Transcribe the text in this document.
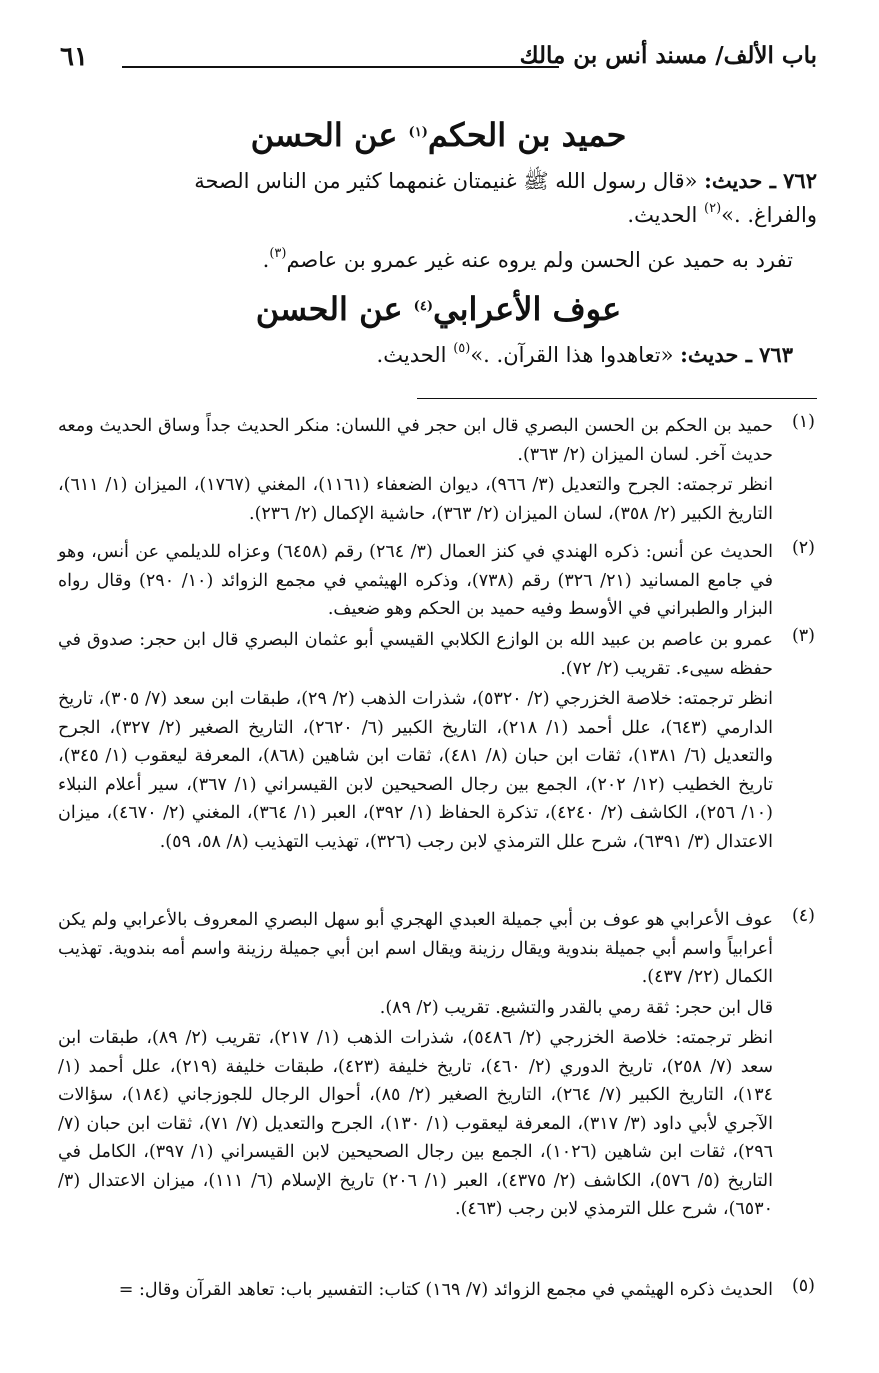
باب الألف/ مسند أنس بن مالك
٦١
حميد بن الحكم$^{(١)}$ عن الحسن
٧٦٢ ـ حديث: «قال رسول الله ﷺ غنيمتان غنمهما كثير من الناس الصحة
والفراغ. .»$^{(٢)}$ الحديث.
تفرد به حميد عن الحسن ولم يروه عنه غير عمرو بن عاصم$^{(٣)}$.
عوف الأعرابي$^{(٤)}$ عن الحسن
٧٦٣ ـ حديث: «تعاهدوا هذا القرآن. .»$^{(٥)}$ الحديث.
(١)

حميد بن الحكم بن الحسن البصري قال ابن حجر في اللسان: منكر الحديث جداً وساق الحديث ومعه حديث آخر. لسان الميزان (٢/ ٣٦٣).

انظر ترجمته: الجرح والتعديل (٣/ ٩٦٦)، ديوان الضعفاء (١١٦١)، المغني (١٧٦٧)، الميزان (١/ ٦١١)، التاريخ الكبير (٢/ ٣٥٨)، لسان الميزان (٢/ ٣٦٣)، حاشية الإكمال (٢/ ٢٣٦).

(٢)

الحديث عن أنس: ذكره الهندي في كنز العمال (٣/ ٢٦٤) رقم (٦٤٥٨) وعزاه للديلمي عن أنس، وهو في جامع المسانيد (٢١/ ٣٢٦) رقم (٧٣٨)، وذكره الهيثمي في مجمع الزوائد (١٠/ ٢٩٠) وقال رواه البزار والطبراني في الأوسط وفيه حميد بن الحكم وهو ضعيف.

(٣)

عمرو بن عاصم بن عبيد الله بن الوازع الكلابي القيسي أبو عثمان البصري قال ابن حجر: صدوق في حفظه سيىء. تقريب (٢/ ٧٢).

انظر ترجمته: خلاصة الخزرجي (٢/ ٥٣٢٠)، شذرات الذهب (٢/ ٢٩)، طبقات ابن سعد (٧/ ٣٠٥)، تاريخ الدارمي (٦٤٣)، علل أحمد (١/ ٢١٨)، التاريخ الكبير (٦/ ٢٦٢٠)، التاريخ الصغير (٢/ ٣٢٧)، الجرح والتعديل (٦/ ١٣٨١)، ثقات ابن حبان (٨/ ٤٨١)، ثقات ابن شاهين (٨٦٨)، المعرفة ليعقوب (١/ ٣٤٥)، تاريخ الخطيب (١٢/ ٢٠٢)، الجمع بين رجال الصحيحين لابن القيسراني (١/ ٣٦٧)، سير أعلام النبلاء (١٠/ ٢٥٦)، الكاشف (٢/ ٤٢٤٠)، تذكرة الحفاظ (١/ ٣٩٢)، العبر (١/ ٣٦٤)، المغني (٢/ ٤٦٧٠)، ميزان الاعتدال (٣/ ٦٣٩١)، شرح علل الترمذي لابن رجب (٣٢٦)، تهذيب التهذيب (٨/ ٥٨، ٥٩).

(٤)

عوف الأعرابي هو عوف بن أبي جميلة العبدي الهجري أبو سهل البصري المعروف بالأعرابي ولم يكن أعرابياً واسم أبي جميلة بندوية ويقال رزينة ويقال اسم ابن أبي جميلة رزينة واسم أمه بندوية. تهذيب الكمال (٢٢/ ٤٣٧).

قال ابن حجر: ثقة رمي بالقدر والتشيع. تقريب (٢/ ٨٩).

انظر ترجمته: خلاصة الخزرجي (٢/ ٥٤٨٦)، شذرات الذهب (١/ ٢١٧)، تقريب (٢/ ٨٩)، طبقات ابن سعد (٧/ ٢٥٨)، تاريخ الدوري (٢/ ٤٦٠)، تاريخ خليفة (٤٢٣)، طبقات خليفة (٢١٩)، علل أحمد (١/ ١٣٤)، التاريخ الكبير (٧/ ٢٦٤)، التاريخ الصغير (٢/ ٨٥)، أحوال الرجال للجوزجاني (١٨٤)، سؤالات الآجري لأبي داود (٣/ ٣١٧)، المعرفة ليعقوب (١/ ١٣٠)، الجرح والتعديل (٧/ ٧١)، ثقات ابن حبان (٧/ ٢٩٦)، ثقات ابن شاهين (١٠٢٦)، الجمع بين رجال الصحيحين لابن القيسراني (١/ ٣٩٧)، الكامل في التاريخ (٥/ ٥٧٦)، الكاشف (٢/ ٤٣٧٥)، العبر (١/ ٢٠٦) تاريخ الإسلام (٦/ ١١١)، ميزان الاعتدال (٣/ ٦٥٣٠)، شرح علل الترمذي لابن رجب (٤٦٣).

(٥)

الحديث ذكره الهيثمي في مجمع الزوائد (٧/ ١٦٩) كتاب: التفسير باب: تعاهد القرآن وقال: =
